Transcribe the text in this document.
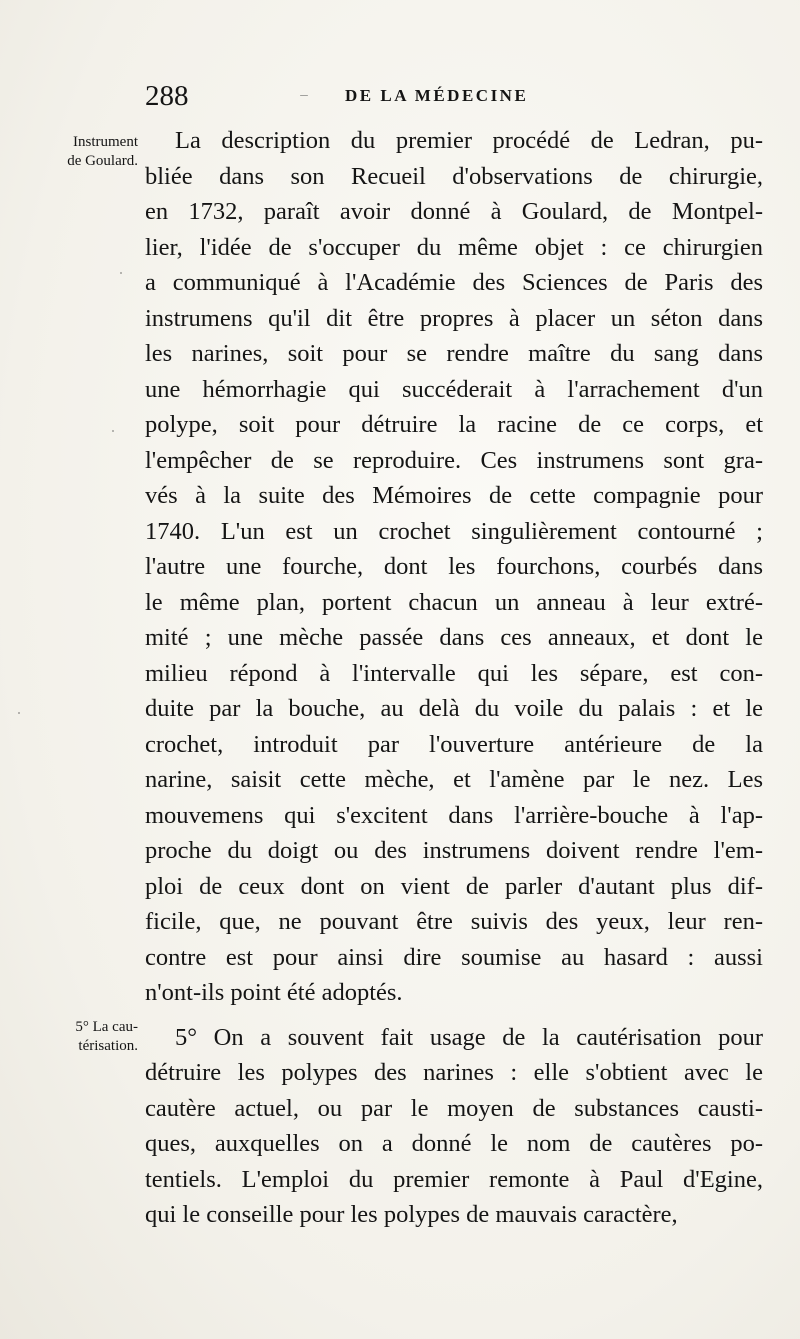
288	DE LA MÉDECINE
Instrument
de Goulard.
5° La cau-
térisation.
La description du premier procédé de Ledran, pu-
bliée dans son Recueil d'observations de chirurgie,
en 1732, paraît avoir donné à Goulard, de Montpel-
lier, l'idée de s'occuper du même objet : ce chirurgien
a communiqué à l'Académie des Sciences de Paris des
instrumens qu'il dit être propres à placer un séton dans
les narines, soit pour se rendre maître du sang dans
une hémorrhagie qui succéderait à l'arrachement d'un
polype, soit pour détruire la racine de ce corps, et
l'empêcher de se reproduire. Ces instrumens sont gra-
vés à la suite des Mémoires de cette compagnie pour
1740. L'un est un crochet singulièrement contourné ;
l'autre une fourche, dont les fourchons, courbés dans
le même plan, portent chacun un anneau à leur extré-
mité ; une mèche passée dans ces anneaux, et dont le
milieu répond à l'intervalle qui les sépare, est con-
duite par la bouche, au delà du voile du palais : et le
crochet, introduit par l'ouverture antérieure de la
narine, saisit cette mèche, et l'amène par le nez. Les
mouvemens qui s'excitent dans l'arrière-bouche à l'ap-
proche du doigt ou des instrumens doivent rendre l'em-
ploi de ceux dont on vient de parler d'autant plus dif-
ficile, que, ne pouvant être suivis des yeux, leur ren-
contre est pour ainsi dire soumise au hasard : aussi
n'ont-ils point été adoptés.
5° On a souvent fait usage de la cautérisation pour
détruire les polypes des narines : elle s'obtient avec le
cautère actuel, ou par le moyen de substances causti-
ques, auxquelles on a donné le nom de cautères po-
tentiels. L'emploi du premier remonte à Paul d'Egine,
qui le conseille pour les polypes de mauvais caractère,
